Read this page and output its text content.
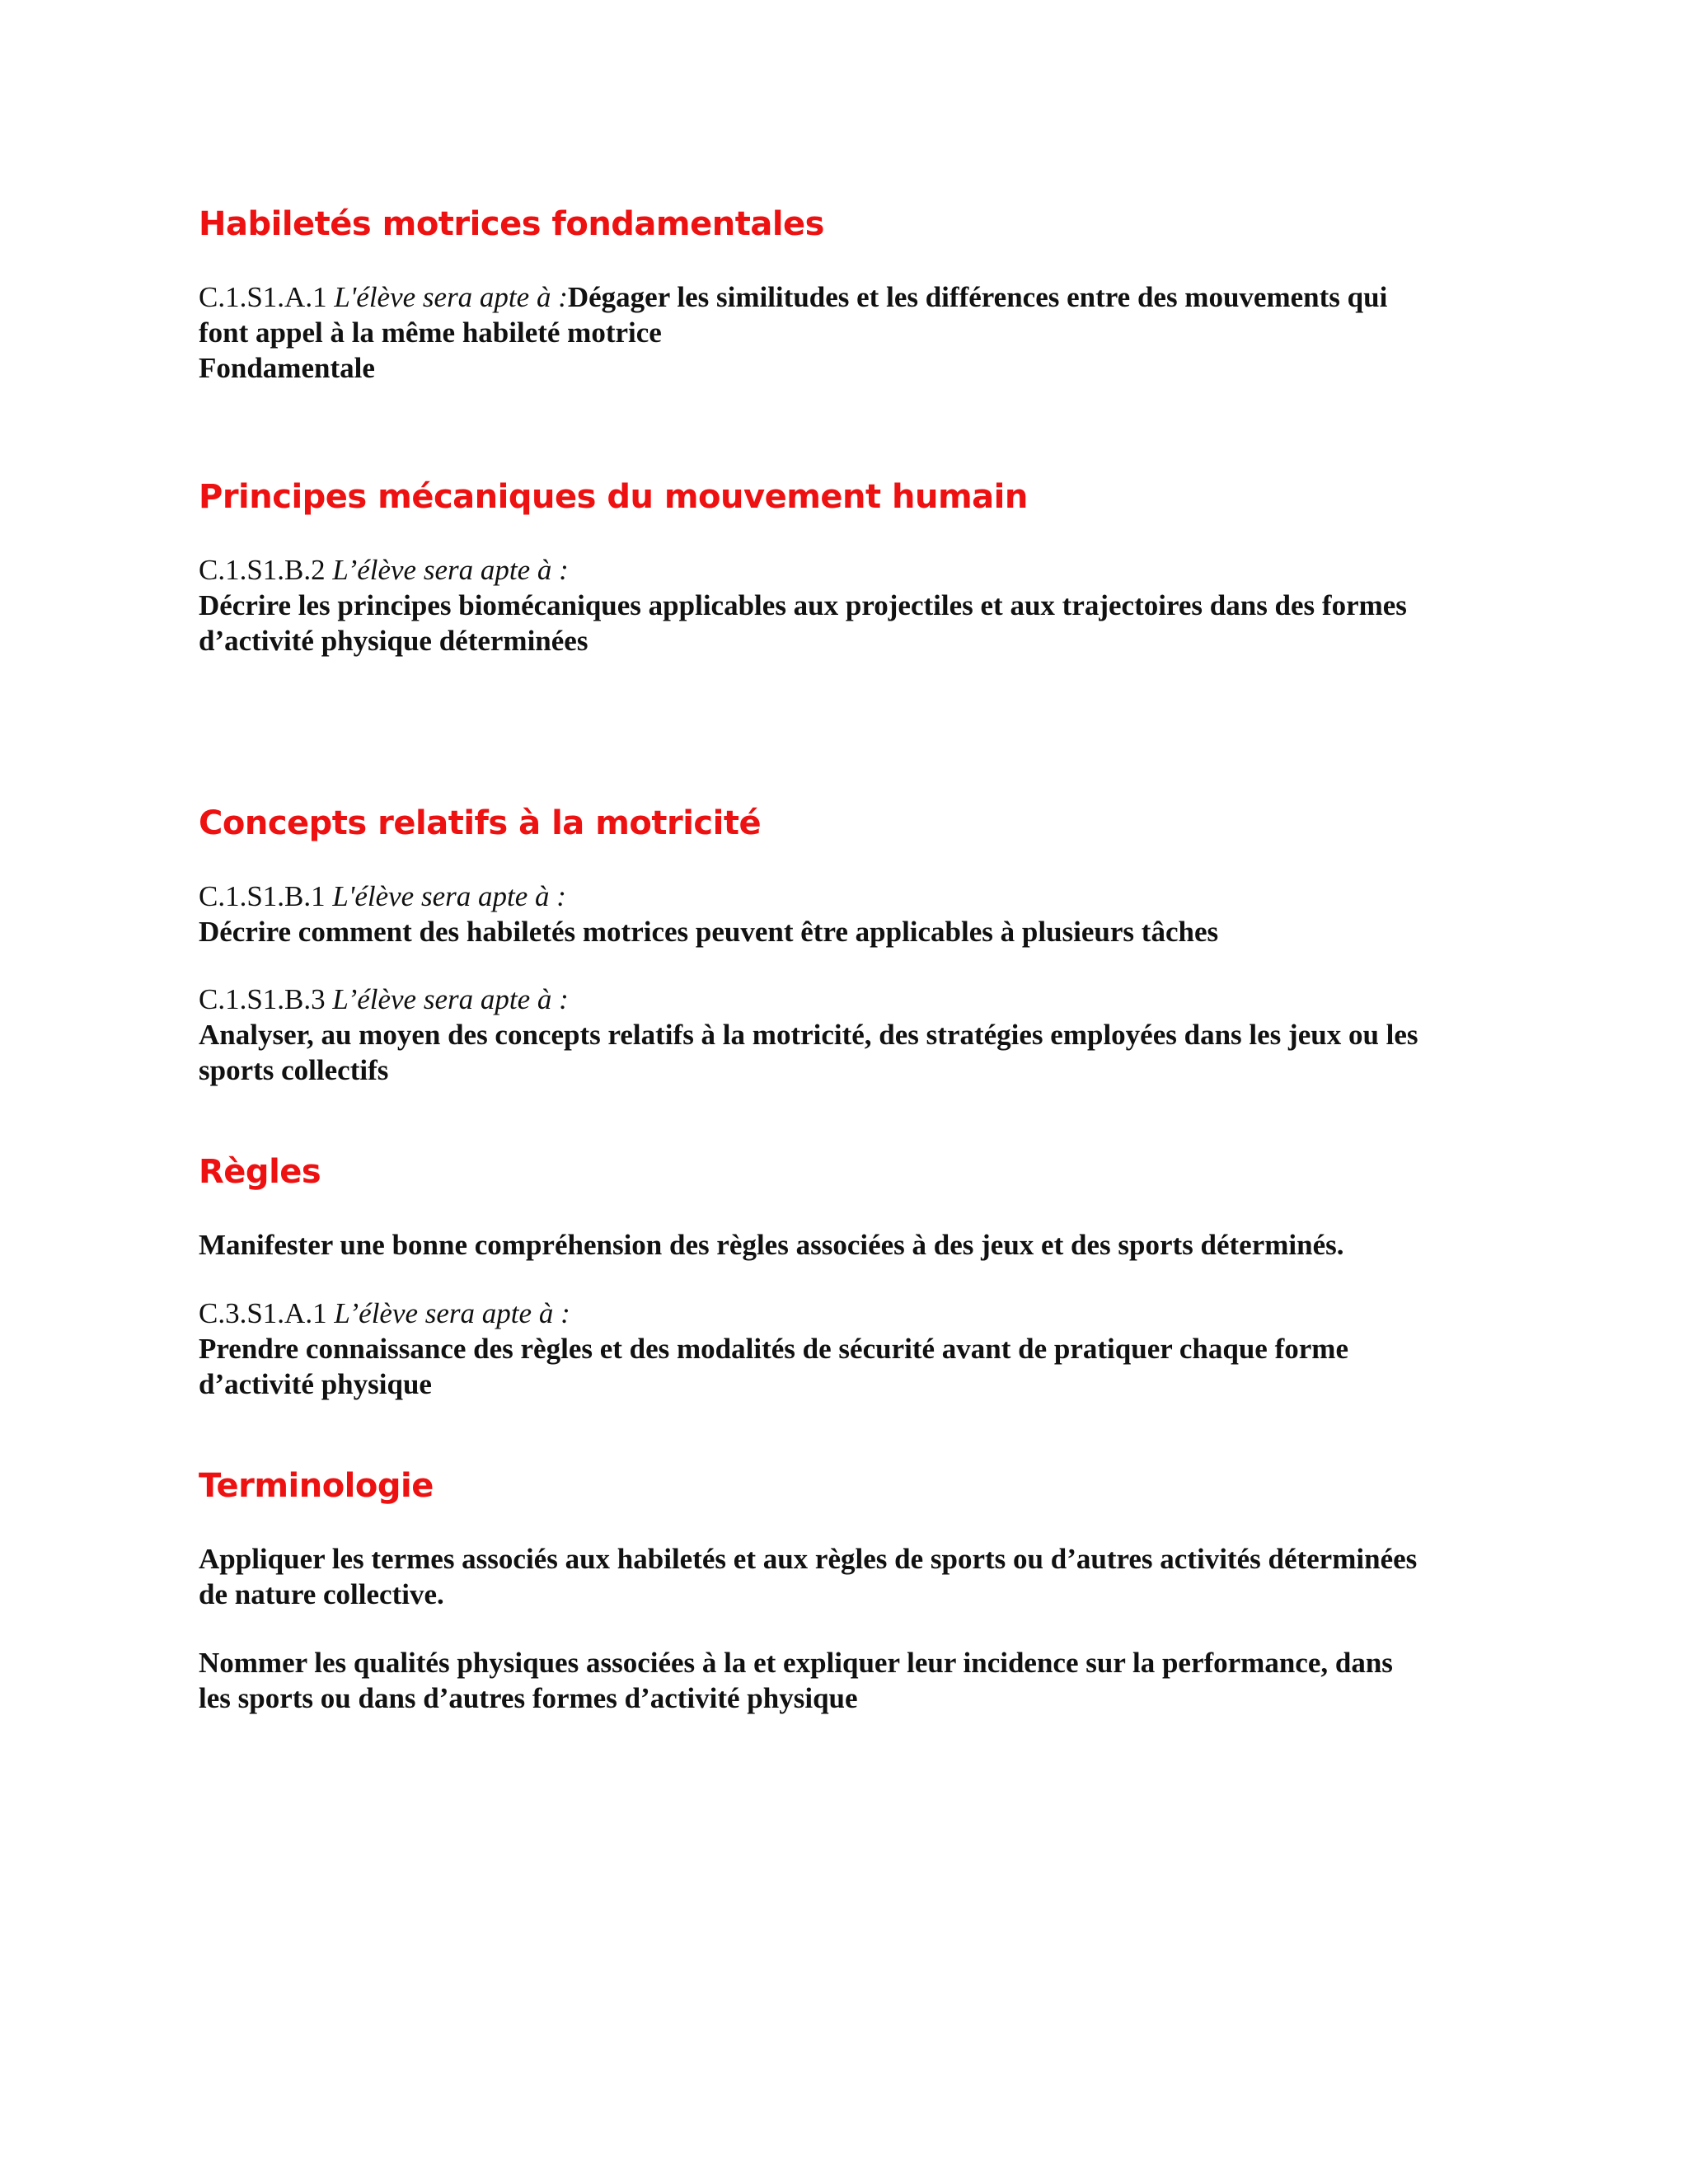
Habiletés motrices fondamentales
C.1.S1.A.1 L'élève sera apte à :Dégager les similitudes et les différences entre des mouvements qui
font appel à la même habileté motrice
Fondamentale
Principes mécaniques du mouvement humain
C.1.S1.B.2 L’élève sera apte à :
Décrire les principes biomécaniques applicables aux projectiles et aux trajectoires dans des formes
d’activité physique déterminées
Concepts relatifs à la motricité
C.1.S1.B.1 L'élève sera apte à :
Décrire comment des habiletés motrices peuvent être applicables à plusieurs tâches
C.1.S1.B.3 L’élève sera apte à :
Analyser, au moyen des concepts relatifs à la motricité, des stratégies employées dans les jeux ou les
sports collectifs
Règles
Manifester une bonne compréhension des règles associées à des jeux et des sports déterminés.
C.3.S1.A.1 L’élève sera apte à :
Prendre connaissance des règles et des modalités de sécurité avant de pratiquer chaque forme
d’activité physique
Terminologie
Appliquer les termes associés aux habiletés et aux règles de sports ou d’autres activités déterminées
de nature collective.
Nommer les qualités physiques associées à la et expliquer leur incidence sur la performance, dans
les sports ou dans d’autres formes d’activité physique
